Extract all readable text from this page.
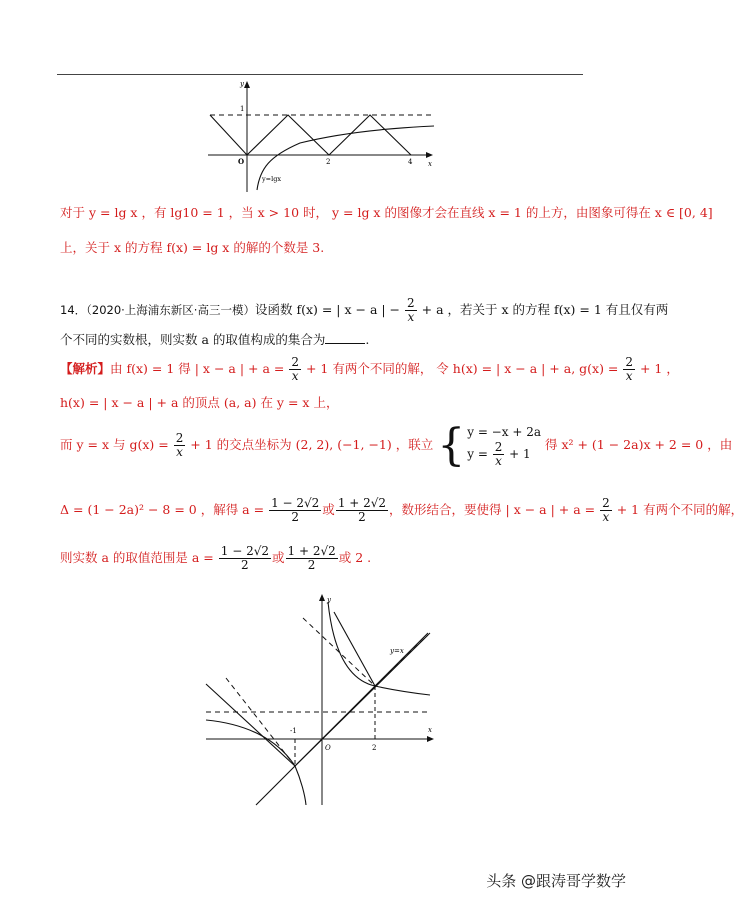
y
x
O
1
2	4
y=lgx
对于 y = lg x ，有 lg10 = 1 ，当 x > 10 时， y = lg x 的图像才会在直线 x = 1 的上方，由图象可得在 x ∈ [0, 4]
上，关于 x 的方程 f(x) = lg x 的解的个数是 3.
14．（2020·上海浦东新区·高三一模）设函数 f(x) = | x − a | − $\frac{2}{x} + a$ ，若关于 x 的方程 f(x) = 1 有且仅有两
个不同的实数根，则实数 a 的取值构成的集合为	.
【解析】由 f(x) = 1 得 | x − a | + $a = \frac{2}{x} + 1$ 有两个不同的解， 令 h(x) = | x − a | + a, $g(x) = \frac{2}{x} + 1$ ，
h(x) = | x − a | + a 的顶点 (a, a) 在 y = x 上，
而 y = x 与 $g(x) = \frac{2}{x} + 1$ 的交点坐标为 (2, 2), (−1, −1) ，联立 { y = −x + 2a
$y = \frac{2}{x} + 1$
得 x² + (1 − 2a)x + 2 = 0 ，由
Δ = (1 − 2a)² − 8 = 0 ，解得 $a = \frac{1 - 2√2}{2}$ 或 $\frac{1 + 2√2}{2}$ ，数形结合，要使得 | x − a | + $a = \frac{2}{x} + 1$ 有两个不同的解，
则实数 a 的取值范围是 $a = \frac{1 - 2√2}{2}$ 或 $\frac{1 + 2√2}{2}$ 或 2 .
y
x
O
-1
2
y=x
头条 @跟涛哥学数学
